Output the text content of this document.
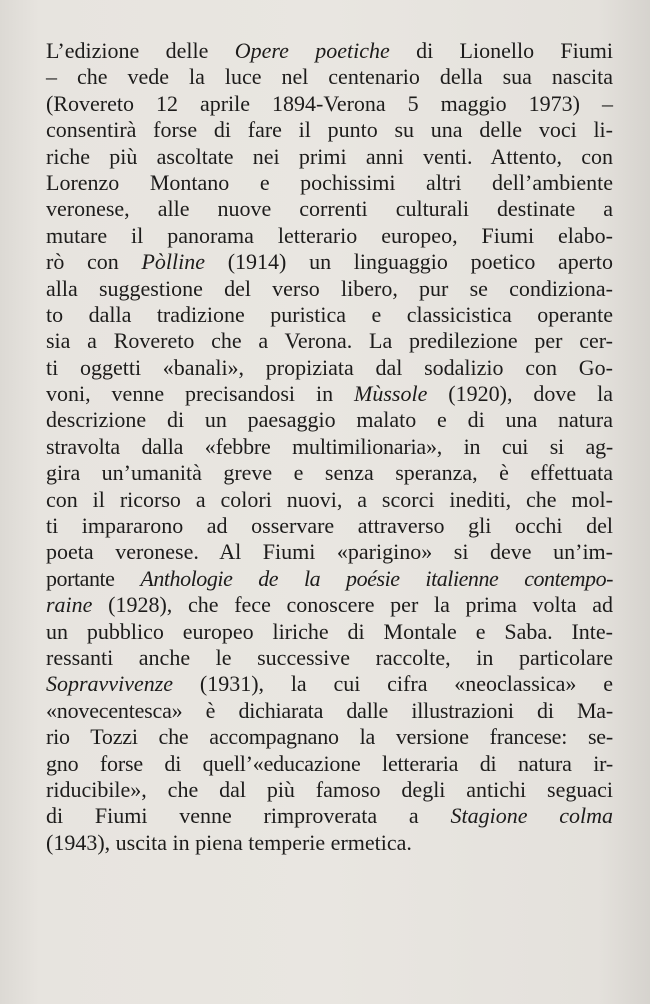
L’edizione delle Opere poetiche di Lionello Fiumi
– che vede la luce nel centenario della sua nascita
(Rovereto 12 aprile 1894-Verona 5 maggio 1973) –
consentirà forse di fare il punto su una delle voci li-
riche più ascoltate nei primi anni venti. Attento, con
Lorenzo Montano e pochissimi altri dell’ambiente
veronese, alle nuove correnti culturali destinate a
mutare il panorama letterario europeo, Fiumi elabo-
rò con Pòlline (1914) un linguaggio poetico aperto
alla suggestione del verso libero, pur se condiziona-
to dalla tradizione puristica e classicistica operante
sia a Rovereto che a Verona. La predilezione per cer-
ti oggetti «banali», propiziata dal sodalizio con Go-
voni, venne precisandosi in Mùssole (1920), dove la
descrizione di un paesaggio malato e di una natura
stravolta dalla «febbre multimilionaria», in cui si ag-
gira un’umanità greve e senza speranza, è effettuata
con il ricorso a colori nuovi, a scorci inediti, che mol-
ti impararono ad osservare attraverso gli occhi del
poeta veronese. Al Fiumi «parigino» si deve un’im-
portante Anthologie de la poésie italienne contempo-
raine (1928), che fece conoscere per la prima volta ad
un pubblico europeo liriche di Montale e Saba. Inte-
ressanti anche le successive raccolte, in particolare
Sopravvivenze (1931), la cui cifra «neoclassica» e
«novecentesca» è dichiarata dalle illustrazioni di Ma-
rio Tozzi che accompagnano la versione francese: se-
gno forse di quell’«educazione letteraria di natura ir-
riducibile», che dal più famoso degli antichi seguaci
di Fiumi venne rimproverata a Stagione colma
(1943), uscita in piena temperie ermetica.
